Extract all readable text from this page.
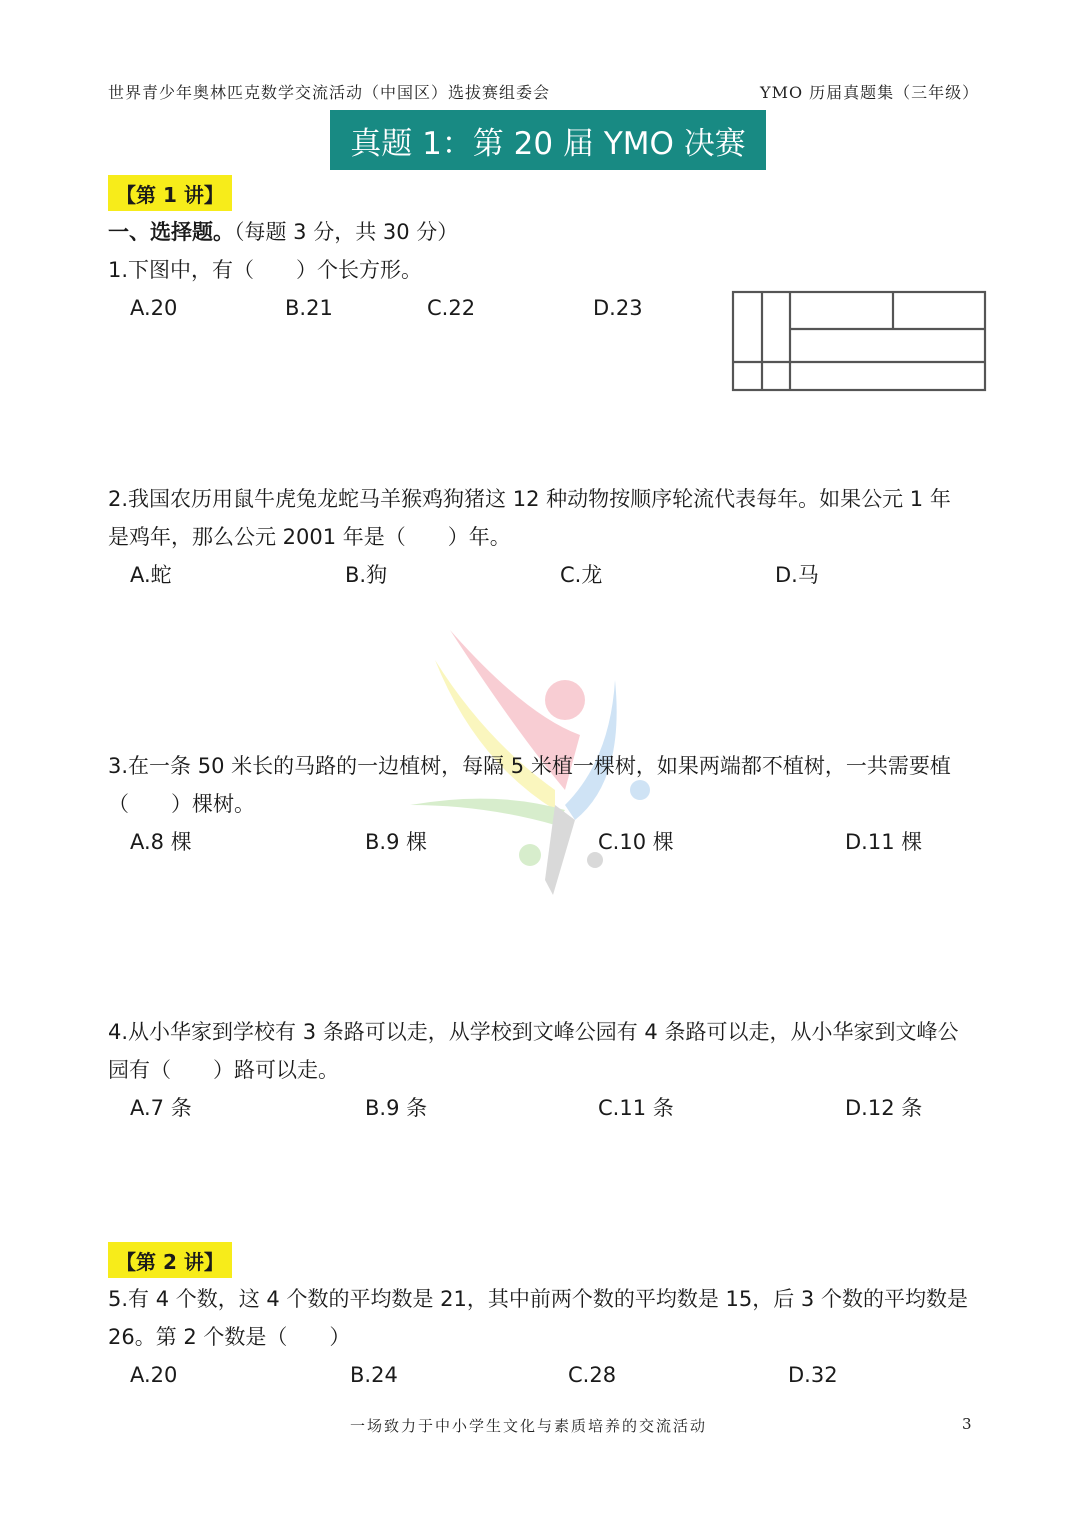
世界青少年奥林匹克数学交流活动（中国区）选拔赛组委会	YMO 历届真题集（三年级）
真题 1：第 20 届 YMO 决赛
【第 1 讲】
一、选择题。（每题 3 分，共 30 分）
1.下图中，有（　　）个长方形。
A.20	B.21	C.22	D.23
2.我国农历用鼠牛虎兔龙蛇马羊猴鸡狗猪这 12 种动物按顺序轮流代表每年。如果公元 1 年
是鸡年，那么公元 2001 年是（　　）年。
A.蛇	B.狗	C.龙	D.马
3.在一条 50 米长的马路的一边植树，每隔 5 米植一棵树，如果两端都不植树，一共需要植
（　　）棵树。
A.8 棵	B.9 棵	C.10 棵	D.11 棵
4.从小华家到学校有 3 条路可以走，从学校到文峰公园有 4 条路可以走，从小华家到文峰公
园有（　　）路可以走。
A.7 条	B.9 条	C.11 条	D.12 条
【第 2 讲】
5.有 4 个数，这 4 个数的平均数是 21，其中前两个数的平均数是 15，后 3 个数的平均数是
26。第 2 个数是（　　）
A.20	B.24	C.28	D.32
一场致力于中小学生文化与素质培养的交流活动	3
